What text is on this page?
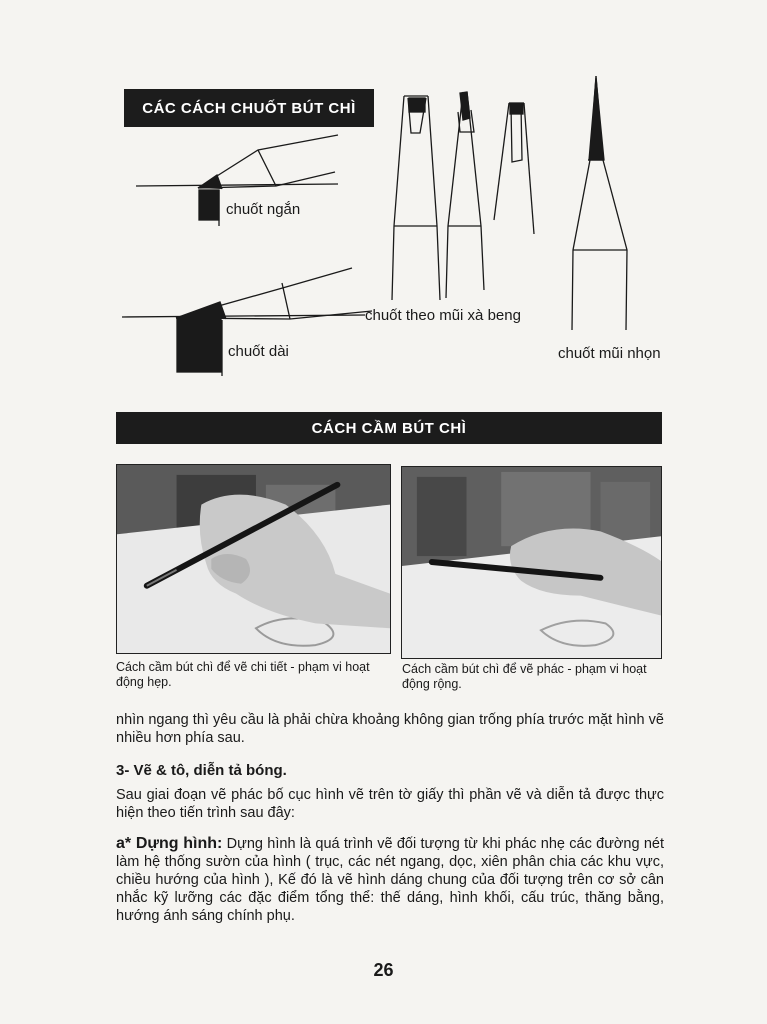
CÁC CÁCH CHUỐT BÚT CHÌ
chuốt ngắn
chuốt dài
chuốt theo mũi xà beng
chuốt mũi nhọn
CÁCH CẦM BÚT CHÌ
Cách cầm bút chì để vẽ chi tiết - phạm vi hoạt động hẹp.
Cách cầm bút chì để vẽ phác - phạm vi hoạt động rộng.
nhìn ngang thì yêu cầu là phải chừa khoảng không gian trống phía trước mặt hình vẽ nhiều hơn phía sau.
3- Vẽ & tô, diễn tả bóng.
Sau giai đoạn vẽ phác bố cục hình vẽ trên tờ giấy thì phần vẽ và diễn tả được thực hiện theo tiến trình sau đây:
a* Dựng hình: Dựng hình là quá trình vẽ đối tượng từ khi phác nhẹ các đường nét làm hệ thống sườn của hình ( trục, các nét ngang, dọc, xiên phân chia các khu vực, chiều hướng của hình ), Kế đó là vẽ hình dáng chung của đối tượng trên cơ sở cân nhắc kỹ lưỡng các đặc điểm tổng thể: thế dáng, hình khối, cấu trúc, thăng bằng, hướng ánh sáng chính phụ.
26
